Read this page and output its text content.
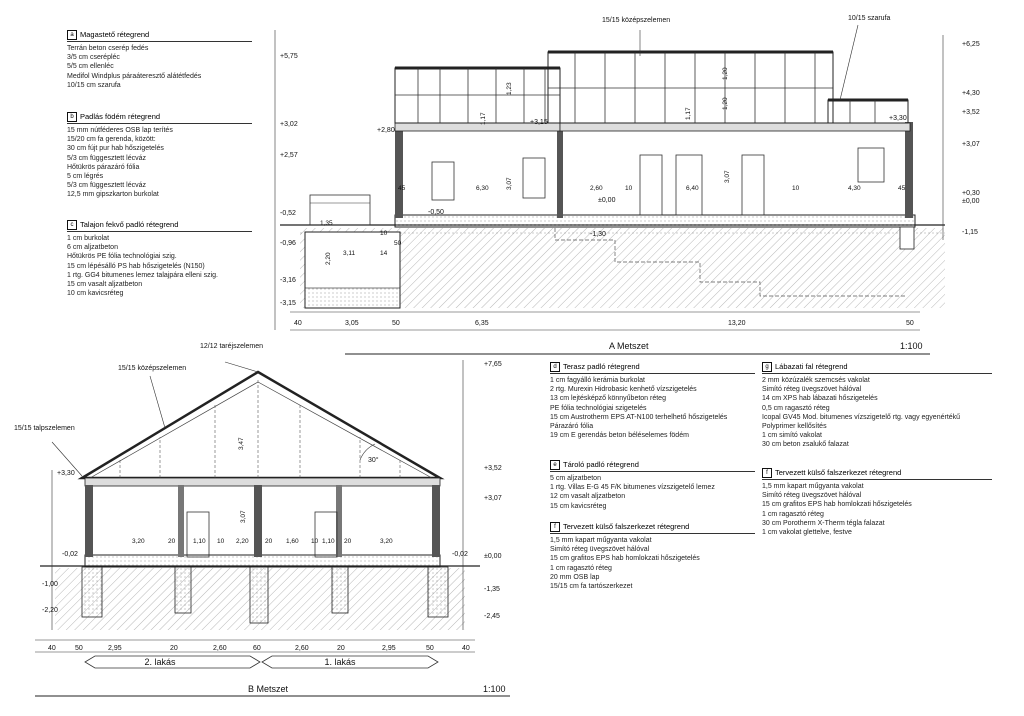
+5,75
+3,02
+2,57
-0,52
-0,96
-3,16
-3,15
+2,80
+3,15
-0,50
±0,00
-1,30
+6,25
+4,30
+3,52
+3,07
+0,30
±0,00
-1,15
+3,30
45	6,30	2,60	10	6,40	10	4,30	45
1,23
1,17
3,07
1,17
1,20
3,07
1,20
1,35
2,20 3,11	14
50
10
40	3,05	50	6,35	13,20	50
A Metszet	1:100
15/15 középszelemen	10/15 szarufa
+3,30
-0,02
-1,00
-2,20
+7,65
+3,52
+3,07
±0,00
-0,02
-1,35
-2,45
3,20	20	1,10 10 2,20	20 1,60 10 1,10 20	3,20
3,47
3,07
40	50	2,95	20	2,60	60	2,60	20	2,95	50	40
2. lakás	1. lakás
B Metszet	1:100
12/12 taréjszelemen
15/15 középszelemen
15/15 talpszelemen
30°
a Magastető rétegrend
Terrán beton cserép fedés
3/5 cm cserépléc
5/5 cm ellenléc
Medifol Windplus páraáteresztő alátétfedés
10/15 cm szarufa
b Padlás födém rétegrend
15 mm nútféderes OSB lap terítés
15/20 cm fa gerenda, között:
30 cm fújt pur hab hőszigetelés
5/3 cm függesztett lécváz
Hőtükrös párazáró fólia
5 cm légrés
5/3 cm függesztett lécváz
12,5 mm gipszkarton burkolat
c Talajon fekvő padló rétegrend
1 cm burkolat
6 cm aljzatbeton
Hőtükrös PE fólia technológiai szig.
15 cm lépésálló PS hab hőszigetelés (N150)
1 rtg. GG4 bitumenes lemez talajpára elleni szig.
15 cm vasalt aljzatbeton
10 cm kavicsréteg
d Terasz padló rétegrend
1 cm fagyálló kerámia burkolat
2 rtg. Murexin Hidrobasic kenhető vízszigetelés
13 cm lejtésképző könnyűbeton réteg
PE fólia technológiai szigetelés
15 cm Austrotherm EPS AT-N100 terhelhető hőszigetelés
Párazáró fólia
19 cm E gerendás beton béléselemes födém
e Tároló padló rétegrend
5 cm aljzatbeton
1 rtg. Villas E-G 45 F/K bitumenes vízszigetelő lemez
12 cm vasalt aljzatbeton
15 cm kavicsréteg
f Tervezett külső falszerkezet rétegrend
1,5 mm kapart műgyanta vakolat
Simító réteg üvegszövet hálóval
15 cm grafitos EPS hab homlokzati hőszigetelés
1 cm ragasztó réteg
20 mm OSB lap
15/15 cm fa tartószerkezet
g Lábazati fal rétegrend
2 mm közúzalék szemcsés vakolat
Simító réteg üvegszövet hálóval
14 cm XPS hab lábazati hőszigetelés
0,5 cm ragasztó réteg
Icopal GV45 Mod. bitumenes vízszigetelő rtg. vagy egyenértékű
Polyprimer kellősítés
1 cm simító vakolat
30 cm beton zsalukő falazat
f Tervezett külső falszerkezet rétegrend
1,5 mm kapart műgyanta vakolat
Simító réteg üvegszövet hálóval
15 cm grafitos EPS hab homlokzati hőszigetelés
1 cm ragasztó réteg
30 cm Porotherm X-Therm tégla falazat
1 cm vakolat glettelve, festve
